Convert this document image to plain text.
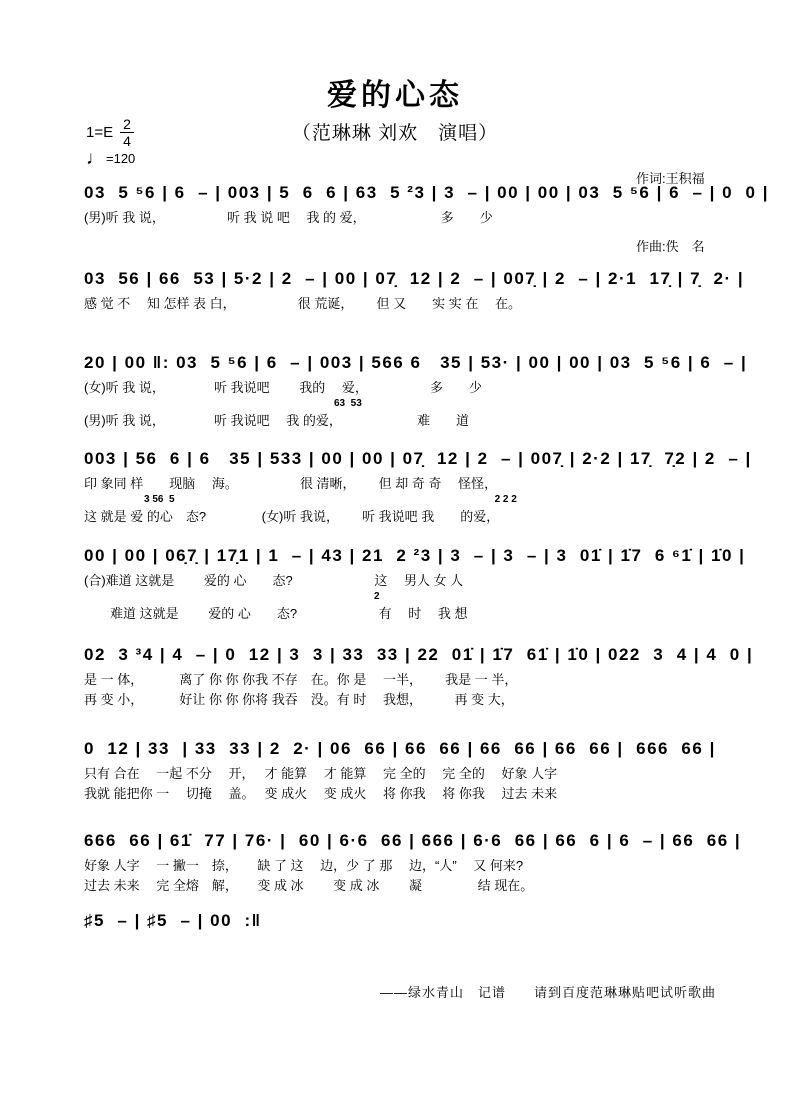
爱的心态
（范琳琳 刘欢　演唱）

作词:王积福

作曲:佚　名

$1=E \frac{2}{4}$
♩ =120
03  5 ⁵6 | 6  – | 003 | 5  6  6 | 63  5 ²3 | 3  – | 00 | 00 | 03  5 ⁵6 | 6  – | 0  0 |
(男)听 我 说，　　　　　 听 我 说 吧　 我 的 爱，　　　　　　 多　　少
03  56 | 66  53 | 5·2 | 2  – | 00 | 07̣  12 | 2  – | 007̣ | 2  – | 2·1  17̣ | 7̣  2· |
感 觉 不　 知 怎样 表 白，　　　　　 很 荒诞，　　 但 又　　实 实 在　 在。
20 | 00 ‖: 03  5 ⁵6 | 6  – | 003 | 566 6   35 | 53· | 00 | 00 | 03  5 ⁵6 | 6  – |
(女)听 我 说，　　　　 听 我说吧　　 我的　 爱，　　　　　 多　　少
　　　　　　　　　　　　　　　　　　　　　　　　　63  53
(男)听 我 说，　　　　 听 我说吧　 我 的爱，　　　　　　 难　　道
003 | 56  6 | 6   35 | 533 | 00 | 00 | 07̣  12 | 2  – | 007̣ | 2·2 | 17̣  7̣2 | 2  – |
印 象同 样　　现脑　 海。　　　　　 很 清晰，　　 但 却 奇 奇　 怪怪，
　　　　　　3 56  5　　　　　　　　　　　　　　　　　　　　　　　　　　　　　　　　2 2 2
这 就是 爱 的心　态?　　　　 (女)听 我说，　　 听 我说吧 我　　的爱，
00 | 00 | 06̣7̣ | 17̣1 | 1  – | 43 | 21  2 ²3 | 3  – | 3  – | 3  01̇ | 1̇7  6 ⁶1̇ | 1̇0 |
(合)难道 这就是　　 爱的 心　　态?　　　　　　 这　 男人 女 人
　　　　　　　　　　　　　　　　　　　　　　　　　　　　　2
　　难道 这就是　　 爱的 心　　态?　　　　　　 有　 时　 我 想
02  3 ³4 | 4  – | 0  12 | 3  3 | 33  33 | 22  01̇ | 1̇7  61̇ | 1̇0 | 022  3  4 | 4  0 |
是 一 体，　　　 离了 你 你 你我 不存　在。你 是　 一半，　　 我是 一 半，
再 变 小，　　　 好让 你 你 你将 我吞　没。有 时　 我想，　　　再 变 大，
0  12 | 33  | 33  33 | 2  2· | 06  66 | 66  66 | 66  66 | 66  66 |  666  66 |
只有 合在　 一起 不分　 开，　 才 能算　 才 能算　 完 全的　 完 全的　 好象 人字
我就 能把你 一　 切掩　 盖。　 变 成火　 变 成火　 将 你我　 将 你我　 过去 未来
666  66 | 61̇  77 | 76· |  60 | 6·6  66 | 666 | 6·6  66 | 66  6 | 6  – | 66  66 |
好象 人字　 一 撇一　捺，　　缺 了 这　 边，少 了 那　 边，“人”　 又 何来?
过去 未来　 完 全熔　解，　　变 成 冰　　 变 成 冰　　 凝　　　　 结 现在。
♯5  – | ♯5  – | 00  :‖
——绿水青山　记谱　　请到百度范琳琳贴吧试听歌曲
